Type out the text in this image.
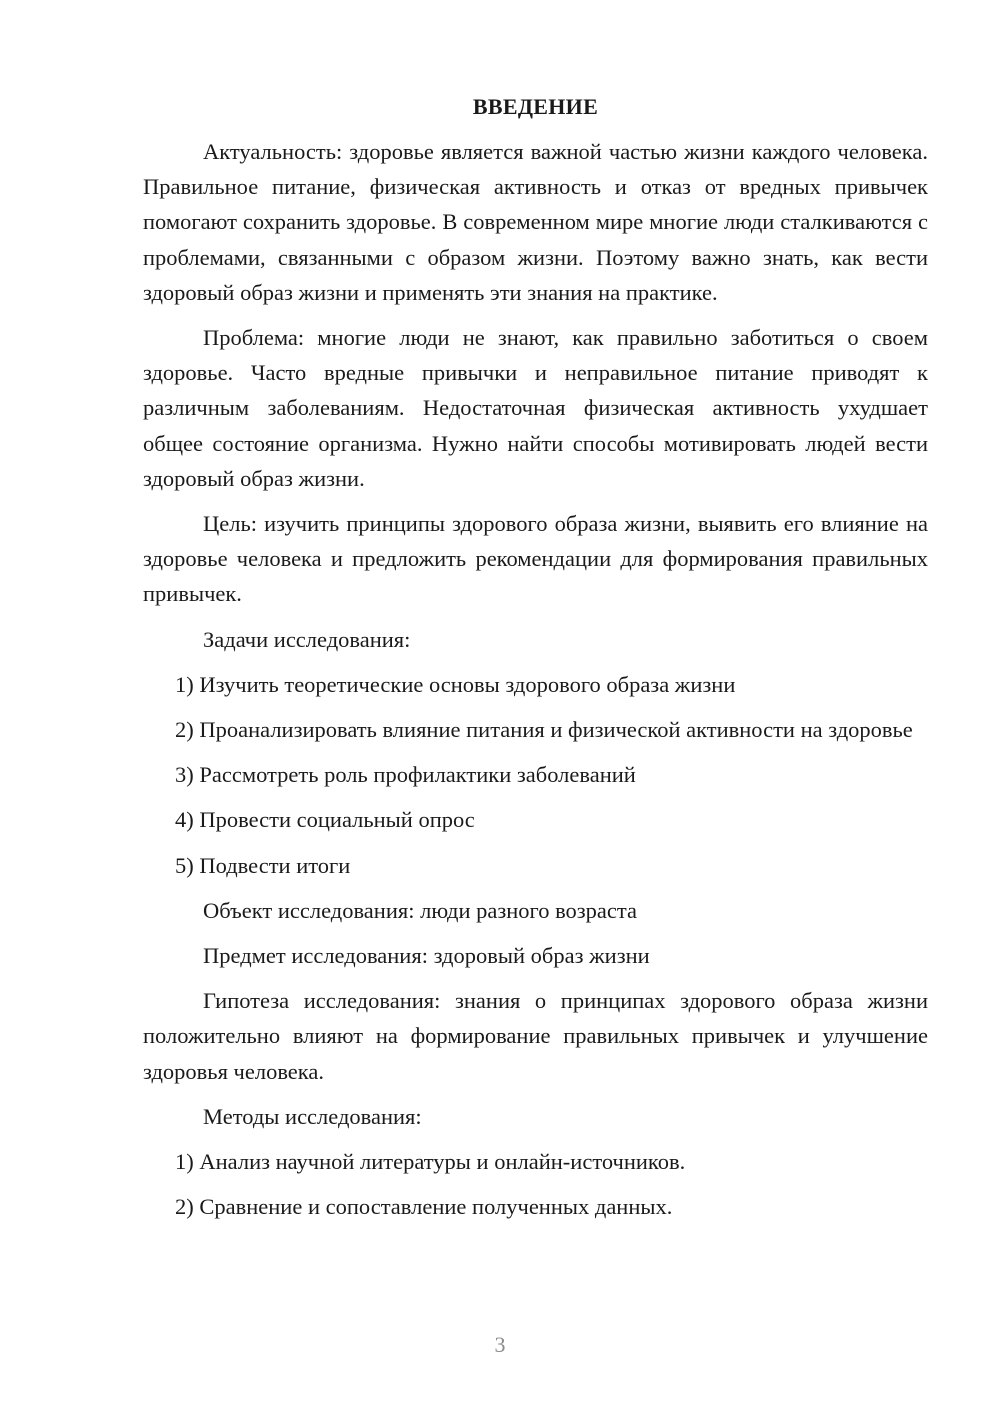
ВВЕДЕНИЕ

Актуальность: здоровье является важной частью жизни каждого человека. Правильное питание, физическая активность и отказ от вредных привычек помогают сохранить здоровье. В современном мире многие люди сталкиваются с проблемами, связанными с образом жизни. Поэтому важно знать, как вести здоровый образ жизни и применять эти знания на практике.

Проблема: многие люди не знают, как правильно заботиться о своем здоровье. Часто вредные привычки и неправильное питание приводят к различным заболеваниям. Недостаточная физическая активность ухудшает общее состояние организма. Нужно найти способы мотивировать людей вести здоровый образ жизни.

Цель: изучить принципы здорового образа жизни, выявить его влияние на здоровье человека и предложить рекомендации для формирования правильных привычек.

Задачи исследования:

1) Изучить теоретические основы здорового образа жизни

2) Проанализировать влияние питания и физической активности на здоровье

3) Рассмотреть роль профилактики заболеваний

4) Провести социальный опрос

5) Подвести итоги

Объект исследования: люди разного возраста

Предмет исследования: здоровый образ жизни

Гипотеза исследования: знания о принципах здорового образа жизни положительно влияют на формирование правильных привычек и улучшение здоровья человека.

Методы исследования:

1) Анализ научной литературы и онлайн-источников.

2) Сравнение и сопоставление полученных данных.

3
